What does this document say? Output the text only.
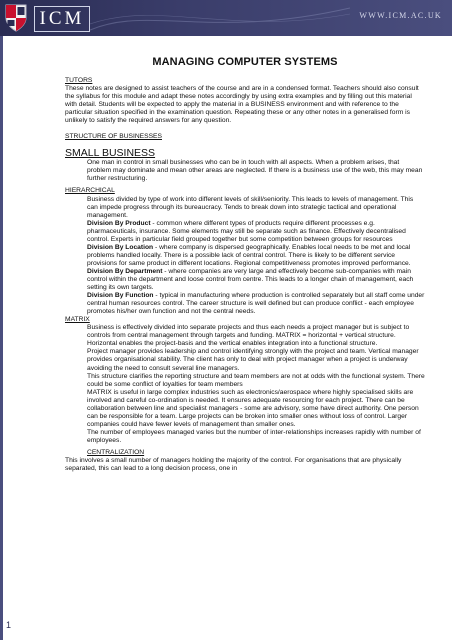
ICM	WWW.ICM.AC.UK
1
MANAGING COMPUTER SYSTEMS
TUTORS

These notes are designed to assist teachers of the course and are in a condensed format. Teachers should also consult the syllabus for this module and adapt these notes accordingly by using extra examples and by filling out this material with detail. Students will be expected to apply the material in a BUSINESS environment and with reference to the particular situation specified in the examination question. Repeating these or any other notes in a generalised form is unlikely to satisfy the required answers for any question.

STRUCTURE OF BUSINESSES
SMALL BUSINESS

One man in control in small businesses who can be in touch with all aspects. When a problem arises, that problem may dominate and mean other areas are neglected. If there is a business use of the web, this may mean further restructuring.

HIERARCHICAL

Business divided by type of work into different levels of skill/seniority. This leads to levels of management. This can impede progress through its bureaucracy. Tends to break down into strategic tactical and operational management.

Division By Product - common where different types of products require different processes e.g. pharmaceuticals, insurance. Some elements may still be separate such as finance. Effectively decentralised control. Experts in particular field grouped together but some competition between groups for resources

Division By Location - where company is dispersed geographically. Enables local needs to be met and local problems handled locally. There is a possible lack of central control. There is likely to be different service provisions for same product in different locations. Regional competitiveness promotes improved performance.

Division By Department - where companies are very large and effectively become sub-companies with main control within the department and loose control from centre. This leads to a longer chain of management, each setting its own targets.

Division By Function - typical in manufacturing where production is controlled separately but all staff come under central human resources control. The career structure is well defined but can produce conflict - each employee promotes his/her own function and not the central needs.

MATRIX

Business is effectively divided into separate projects and thus each needs a project manager but is subject to controls from central management through targets and funding. MATRIX = horizontal + vertical structure. Horizontal enables the project-basis and the vertical enables integration into a functional structure.

Project manager provides leadership and control identifying strongly with the project and team. Vertical manager provides organisational stability. The client has only to deal with project manager when a project is underway avoiding the need to consult several line managers.

This structure clarifies the reporting structure and team members are not at odds with the functional system. There could be some conflict of loyalties for team members

MATRIX is useful in large complex industries such as electronics/aerospace where highly specialised skills are involved and careful co-ordination is needed. It ensures adequate resourcing for each project. There can be collaboration between line and specialist managers - some are advisory, some have direct authority. One person can be responsible for a team. Large projects can be broken into smaller ones without loss of control. Larger companies could have fewer levels of management than smaller ones.

The number of employees managed varies but the number of inter-relationships increases rapidly with number of employees.

CENTRALIZATION

This involves a small number of managers holding the majority of the control. For organisations that are physically separated, this can lead to a long decision process, one in
